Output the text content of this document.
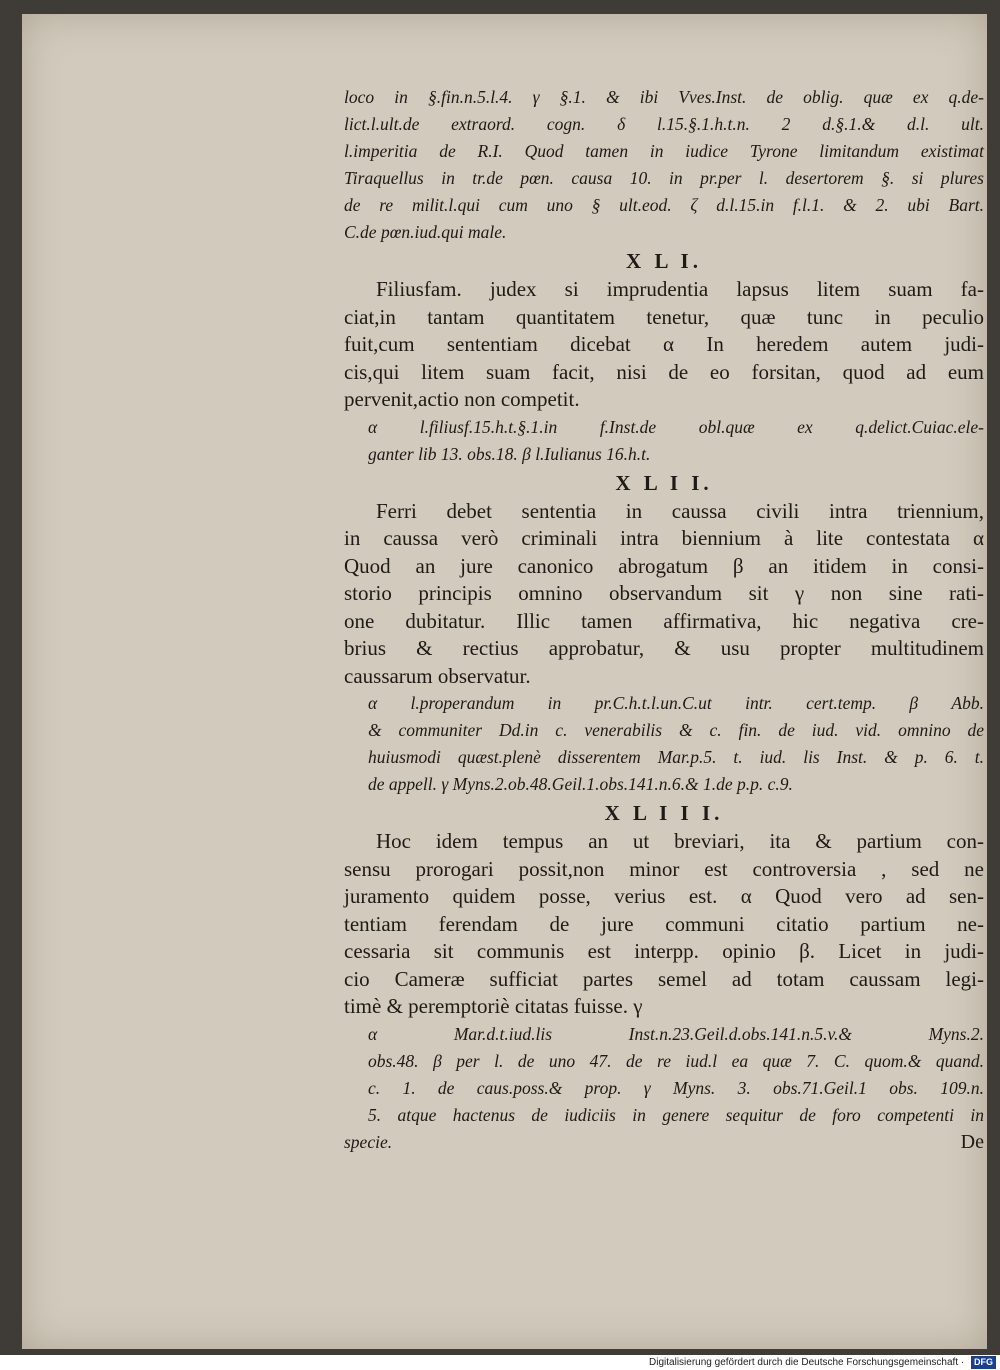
loco in §.fin.n.5.l.4. γ §.1. & ibi Vves.Inst. de oblig. quæ ex q.de-
lict.l.ult.de extraord. cogn. δ l.15.§.1.h.t.n. 2 d.§.1.& d.l. ult.
l.imperitia de R.I. Quod tamen in iudice Tyrone limitandum existimat
Tiraquellus in tr.de pœn. causa 10. in pr.per l. desertorem §. si plures
de re milit.l.qui cum uno § ult.eod. ζ d.l.15.in f.l.1. & 2. ubi Bart.
C.de pœn.iud.qui male.
X L I.
Filiusfam. judex si imprudentia lapsus litem suam fa-
ciat,in tantam quantitatem tenetur, quæ tunc in peculio
fuit,cum sententiam dicebat α In heredem autem judi-
cis,qui litem suam facit, nisi de eo forsitan, quod ad eum
pervenit,actio non competit.
α l.filiusf.15.h.t.§.1.in f.Inst.de obl.quæ ex q.delict.Cuiac.ele-
ganter lib 13. obs.18. β l.Iulianus 16.h.t.
X L I I.
Ferri debet sententia in caussa civili intra triennium,
in caussa verò criminali intra biennium à lite contestata α
Quod an jure canonico abrogatum β an itidem in consi-
storio principis omnino observandum sit γ non sine rati-
one dubitatur. Illic tamen affirmativa, hic negativa cre-
brius & rectius approbatur, & usu propter multitudinem
caussarum observatur.
α l.properandum in pr.C.h.t.l.un.C.ut intr. cert.temp. β Abb.
& communiter Dd.in c. venerabilis & c. fin. de iud. vid. omnino de
huiusmodi quæst.plenè disserentem Mar.p.5. t. iud. lis Inst. & p. 6. t.
de appell. γ Myns.2.ob.48.Geil.1.obs.141.n.6.& 1.de p.p. c.9.
X L I I I.
Hoc idem tempus an ut breviari, ita & partium con-
sensu prorogari possit,non minor est controversia , sed ne
juramento quidem posse, verius est. α Quod vero ad sen-
tentiam ferendam de jure communi citatio partium ne-
cessaria sit communis est interpp. opinio β. Licet in judi-
cio Cameræ sufficiat partes semel ad totam caussam legi-
timè & peremptoriè citatas fuisse. γ
α Mar.d.t.iud.lis Inst.n.23.Geil.d.obs.141.n.5.v.& Myns.2.
obs.48. β per l. de uno 47. de re iud.l ea quæ 7. C. quom.& quand.
c. 1. de caus.poss.& prop. γ Myns. 3. obs.71.Geil.1 obs. 109.n.
5. atque hactenus de iudiciis in genere sequitur de foro competenti in
specie.	De
Digitalisierung gefördert durch die Deutsche Forschungsgemeinschaft · DFG
